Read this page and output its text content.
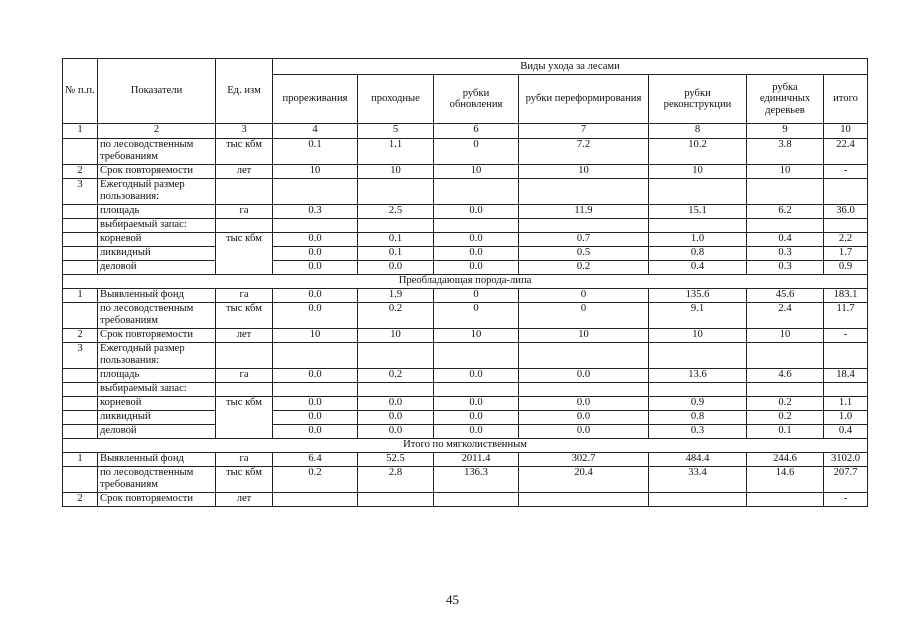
№ п.п.	Показатели	Ед. изм	Виды ухода за лесами						
			прореживания	проходные	рубки обновления	рубки переформирования	рубки реконструкции	рубка единичных деревьев	итого
1	2	3	4	5	6	7	8	9	10
	по лесоводственным требованиям	тыс кбм	0.1	1.1	0	7.2	10.2	3.8	22.4
2	Срок повторяемости	лет	10	10	10	10	10	10	-
3	Ежегодный размер пользования:								
	площадь	га	0.3	2.5	0.0	11.9	15.1	6.2	36.0
	выбираемый запас:								
	корневой	тыс кбм	0.0	0.1	0.0	0.7	1.0	0.4	2.2
	ликвидный		0.0	0.1	0.0	0.5	0.8	0.3	1.7
	деловой		0.0	0.0	0.0	0.2	0.4	0.3	0.9
Преобладающая порода-липа									
1	Выявленный фонд	га	0.0	1.9	0	0	135.6	45.6	183.1
	по лесоводственным требованиям	тыс кбм	0.0	0.2	0	0	9.1	2.4	11.7
2	Срок повторяемости	лет	10	10	10	10	10	10	-
3	Ежегодный размер пользования:								
	площадь	га	0.0	0.2	0.0	0.0	13.6	4.6	18.4
	выбираемый запас:								
	корневой	тыс кбм	0.0	0.0	0.0	0.0	0.9	0.2	1.1
	ликвидный		0.0	0.0	0.0	0.0	0.8	0.2	1.0
	деловой		0.0	0.0	0.0	0.0	0.3	0.1	0.4
Итого по мягколиственным									
1	Выявленный фонд	га	6.4	52.5	2011.4	302.7	484.4	244.6	3102.0
	по лесоводственным требованиям	тыс кбм	0.2	2.8	136.3	20.4	33.4	14.6	207.7
2	Срок повторяемости	лет							-
45
